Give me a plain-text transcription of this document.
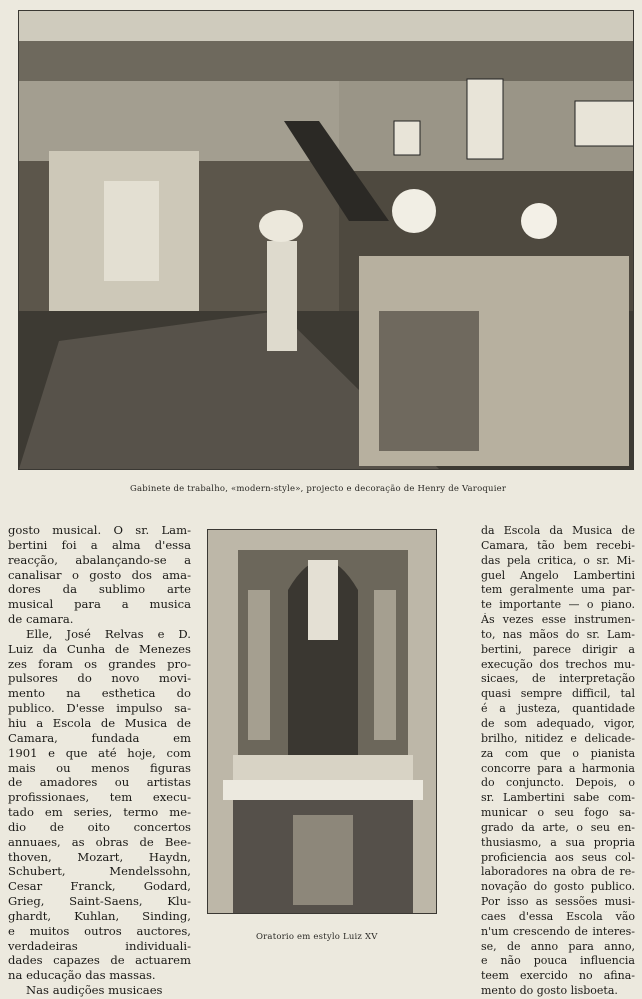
Gabinete de trabalho, «modern-style», projecto e decoração de Henry de Varoquier
Oratorio em estylo Luiz XV
gosto musical. O sr. Lam-
bertini foi a alma d'essa
reacção, abalançando-se a
canalisar o gosto dos ama-
dores da sublimo arte
musical para a musica
de camara.
Elle, José Relvas e D.
Luiz da Cunha de Menezes
zes foram os grandes pro-
pulsores do novo movi-
mento na esthetica do
publico. D'esse impulso sa-
hiu a Escola de Musica de
Camara, fundada em
1901 e que até hoje, com
mais ou menos figuras
de amadores ou artistas
profissionaes, tem execu-
tado em series, termo me-
dio de oito concertos
annuaes, as obras de Bee-
thoven, Mozart, Haydn,
Schubert, Mendelssohn,
Cesar Franck, Godard,
Grieg, Saint-Saens, Klu-
ghardt, Kuhlan, Sinding,
e muitos outros auctores,
verdadeiras individuali-
dades capazes de actuarem
na educação das massas.
Nas audições musicaes
da Escola da Musica de
Camara, tão bem recebi-
das pela critica, o sr. Mi-
guel Angelo Lambertini
tem geralmente uma par-
te importante — o piano.
Ás vezes esse instrumen-
to, nas mãos do sr. Lam-
bertini, parece dirigir a
execução dos trechos mu-
sicaes, de interpretação
quasi sempre difficil, tal
é a justeza, quantidade
de som adequado, vigor,
brilho, nitidez e delicade-
za com que o pianista
concorre para a harmonia
do conjuncto. Depois, o
sr. Lambertini sabe com-
municar o seu fogo sa-
grado da arte, o seu en-
thusiasmo, a sua propria
proficiencia aos seus col-
laboradores na obra de re-
novação do gosto publico.
Por isso as sessões musi-
caes d'essa Escola vão
n'um crescendo de interes-
se, de anno para anno,
e não pouca influencia
teem exercido no afina-
mento do gosto lisboeta.
